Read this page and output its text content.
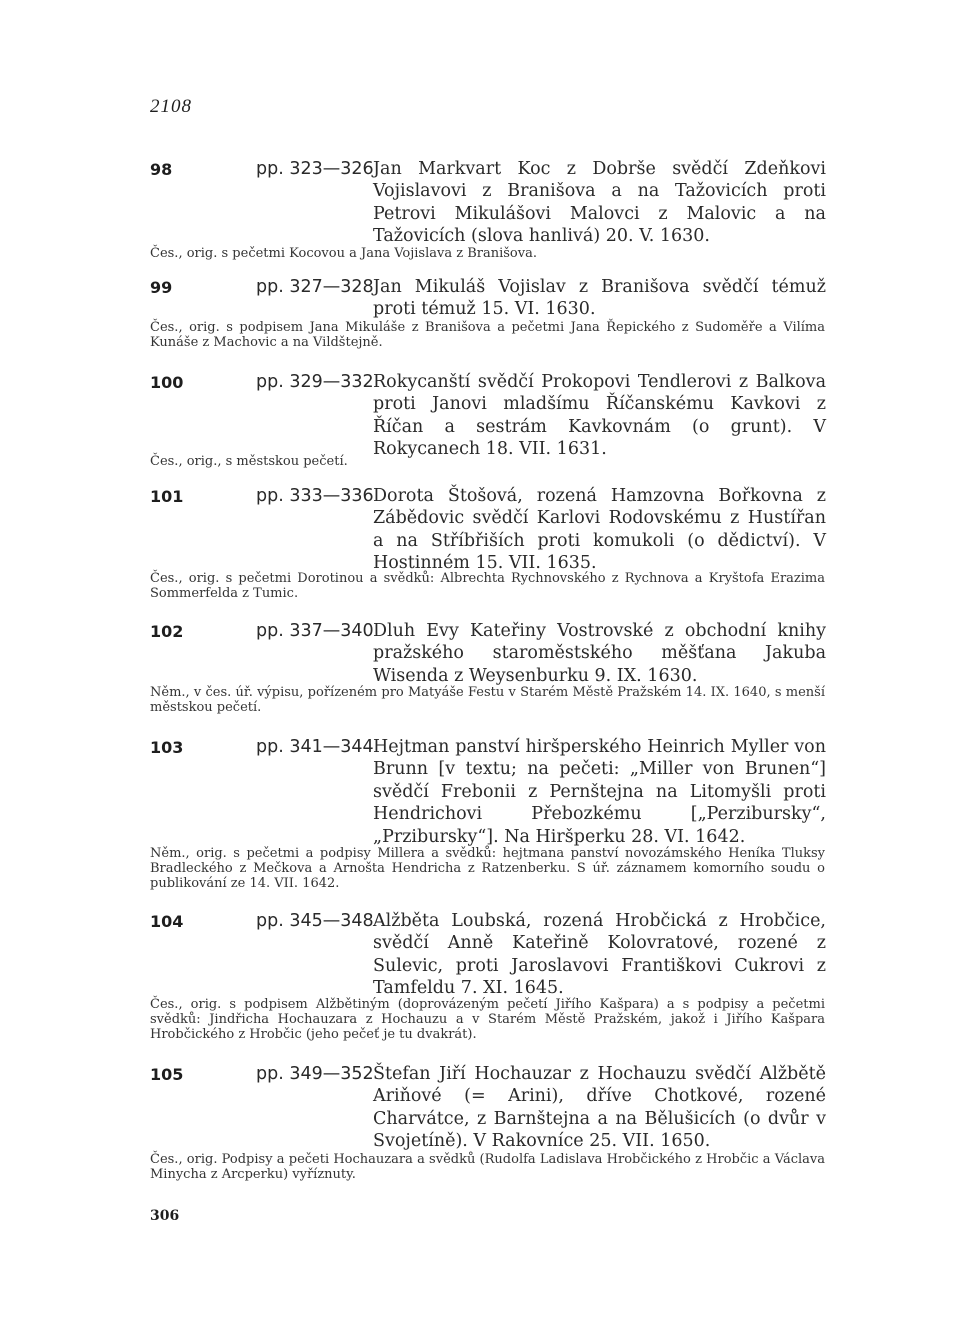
2108
98	pp. 323—326 Jan Markvart Koc z Dobrše svědčí Zdeňkovi Vojislavovi z Branišova a na Tažovicích proti Petrovi Mikulášovi Malovci z Malovic a na Tažovicích (slova hanlivá) 20. V. 1630.
Čes., orig. s pečetmi Kocovou a Jana Vojislava z Branišova.
99	pp. 327—328 Jan Mikuláš Vojislav z Branišova svědčí témuž proti témuž 15. VI. 1630.
Čes., orig. s podpisem Jana Mikuláše z Branišova a pečetmi Jana Řepického z Sudoměře a Vilíma Kunáše z Machovic a na Vildštejně.
100	pp. 329—332 Rokycanští svědčí Prokopovi Tendlerovi z Balkova proti Janovi mladšímu Říčanskému Kavkovi z Říčan a sestrám Kavkovnám (o grunt). V Rokycanech 18. VII. 1631.
Čes., orig., s městskou pečetí.
101	pp. 333—336 Dorota Štošová, rozená Hamzovna Bořkovna z Zábědovic svědčí Karlovi Rodovskému z Hustířan a na Stříbřiších proti komukoli (o dědictví). V Hostinném 15. VII. 1635.
Čes., orig. s pečetmi Dorotinou a svědků: Albrechta Rychnovského z Rychnova a Kryštofa Erazima Sommerfelda z Tumic.
102	pp. 337—340 Dluh Evy Kateřiny Vostrovské z obchodní knihy pražského staroměstského měšťana Jakuba Wisenda z Weysenburku 9. IX. 1630.
Něm., v čes. úř. výpisu, pořízeném pro Matyáše Festu v Starém Městě Pražském 14. IX. 1640, s menší městskou pečetí.
103	pp. 341—344 Hejtman panství hiršperského Heinrich Myller von Brunn [v textu; na pečeti: „Miller von Brunen“] svědčí Frebonii z Pernštejna na Litomyšli proti Hendrichovi Přebozkému [„Perzibursky“, „Przibursky“]. Na Hiršperku 28. VI. 1642.
Něm., orig. s pečetmi a podpisy Millera a svědků: hejtmana panství novozámského Heníka Tluksy Bradleckého z Mečkova a Arnošta Hendricha z Ratzenberku. S úř. záznamem komorního soudu o publikování ze 14. VII. 1642.
104	pp. 345—348 Alžběta Loubská, rozená Hrobčická z Hrobčice, svědčí Anně Kateřině Kolovratové, rozené z Sulevic, proti Jaroslavovi Františkovi Cukrovi z Tamfeldu 7. XI. 1645.
Čes., orig. s podpisem Alžbětiným (doprovázeným pečetí Jiřího Kašpara) a s podpisy a pečetmi svědků: Jindřicha Hochauzara z Hochauzu a v Starém Městě Pražském, jakož i Jiřího Kašpara Hrobčického z Hrobčic (jeho pečeť je tu dvakrát).
105	pp. 349—352 Štefan Jiří Hochauzar z Hochauzu svědčí Alžbětě Ariňové (= Arini), dříve Chotkové, rozené Charvátce, z Barnštejna a na Bělušicích (o dvůr v Svojetíně). V Rakovníce 25. VII. 1650.
Čes., orig. Podpisy a pečeti Hochauzara a svědků (Rudolfa Ladislava Hrobčického z Hrobčic a Václava Minycha z Arcperku) vyříznuty.
306
